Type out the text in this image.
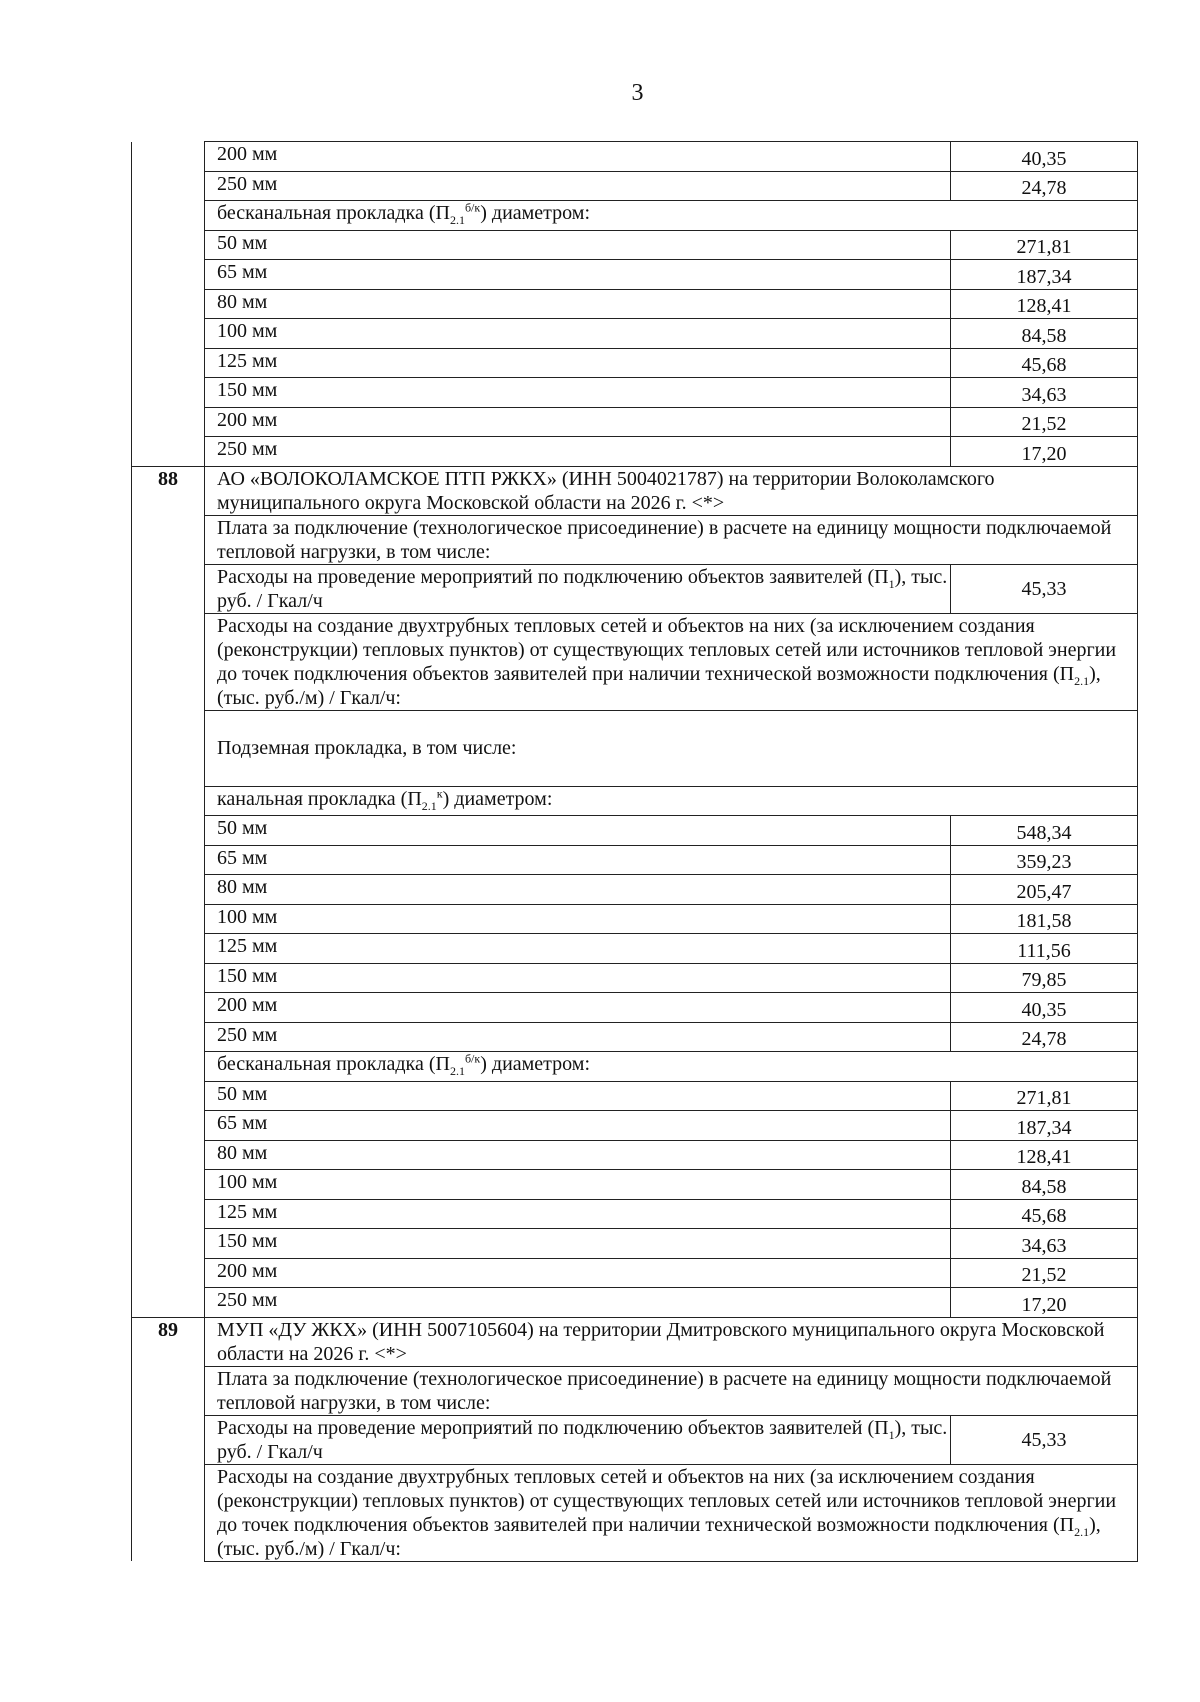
3
	200 мм	40,35
	250 мм	24,78
	бесканальная прокладка $(П_{2.1}^{б/к})$ диаметром:	
	50 мм	271,81
	65 мм	187,34
	80 мм	128,41
	100 мм	84,58
	125 мм	45,68
	150 мм	34,63
	200 мм	21,52
	250 мм	17,20
88	АО «ВОЛОКОЛАМСКОЕ ПТП РЖКХ» (ИНН 5004021787) на территории Волоколамского муниципального округа Московской области на 2026 г. <*>	
	Плата за подключение (технологическое присоединение) в расчете на единицу мощности подключаемой тепловой нагрузки, в том числе:	
	Расходы на проведение мероприятий по подключению объектов заявителей $(П_1)$, тыс. руб. / Гкал/ч	45,33
	Расходы на создание двухтрубных тепловых сетей и объектов на них (за исключением создания (реконструкции) тепловых пунктов) от существующих тепловых сетей или источников тепловой энергии до точек подключения объектов заявителей при наличии технической возможности подключения $(П_{2.1})$, (тыс. руб./м) / Гкал/ч:	
	Подземная прокладка, в том числе:	
	канальная прокладка $(П_{2.1}^к)$ диаметром:	
	50 мм	548,34
	65 мм	359,23
	80 мм	205,47
	100 мм	181,58
	125 мм	111,56
	150 мм	79,85
	200 мм	40,35
	250 мм	24,78
	бесканальная прокладка $(П_{2.1}^{б/к})$ диаметром:	
	50 мм	271,81
	65 мм	187,34
	80 мм	128,41
	100 мм	84,58
	125 мм	45,68
	150 мм	34,63
	200 мм	21,52
	250 мм	17,20
89	МУП «ДУ ЖКХ» (ИНН 5007105604) на территории Дмитровского муниципального округа Московской области на 2026 г. <*>	
	Плата за подключение (технологическое присоединение) в расчете на единицу мощности подключаемой тепловой нагрузки, в том числе:	
	Расходы на проведение мероприятий по подключению объектов заявителей $(П_1)$, тыс. руб. / Гкал/ч	45,33
	Расходы на создание двухтрубных тепловых сетей и объектов на них (за исключением создания (реконструкции) тепловых пунктов) от существующих тепловых сетей или источников тепловой энергии до точек подключения объектов заявителей при наличии технической возможности подключения $(П_{2.1})$, (тыс. руб./м) / Гкал/ч:	
